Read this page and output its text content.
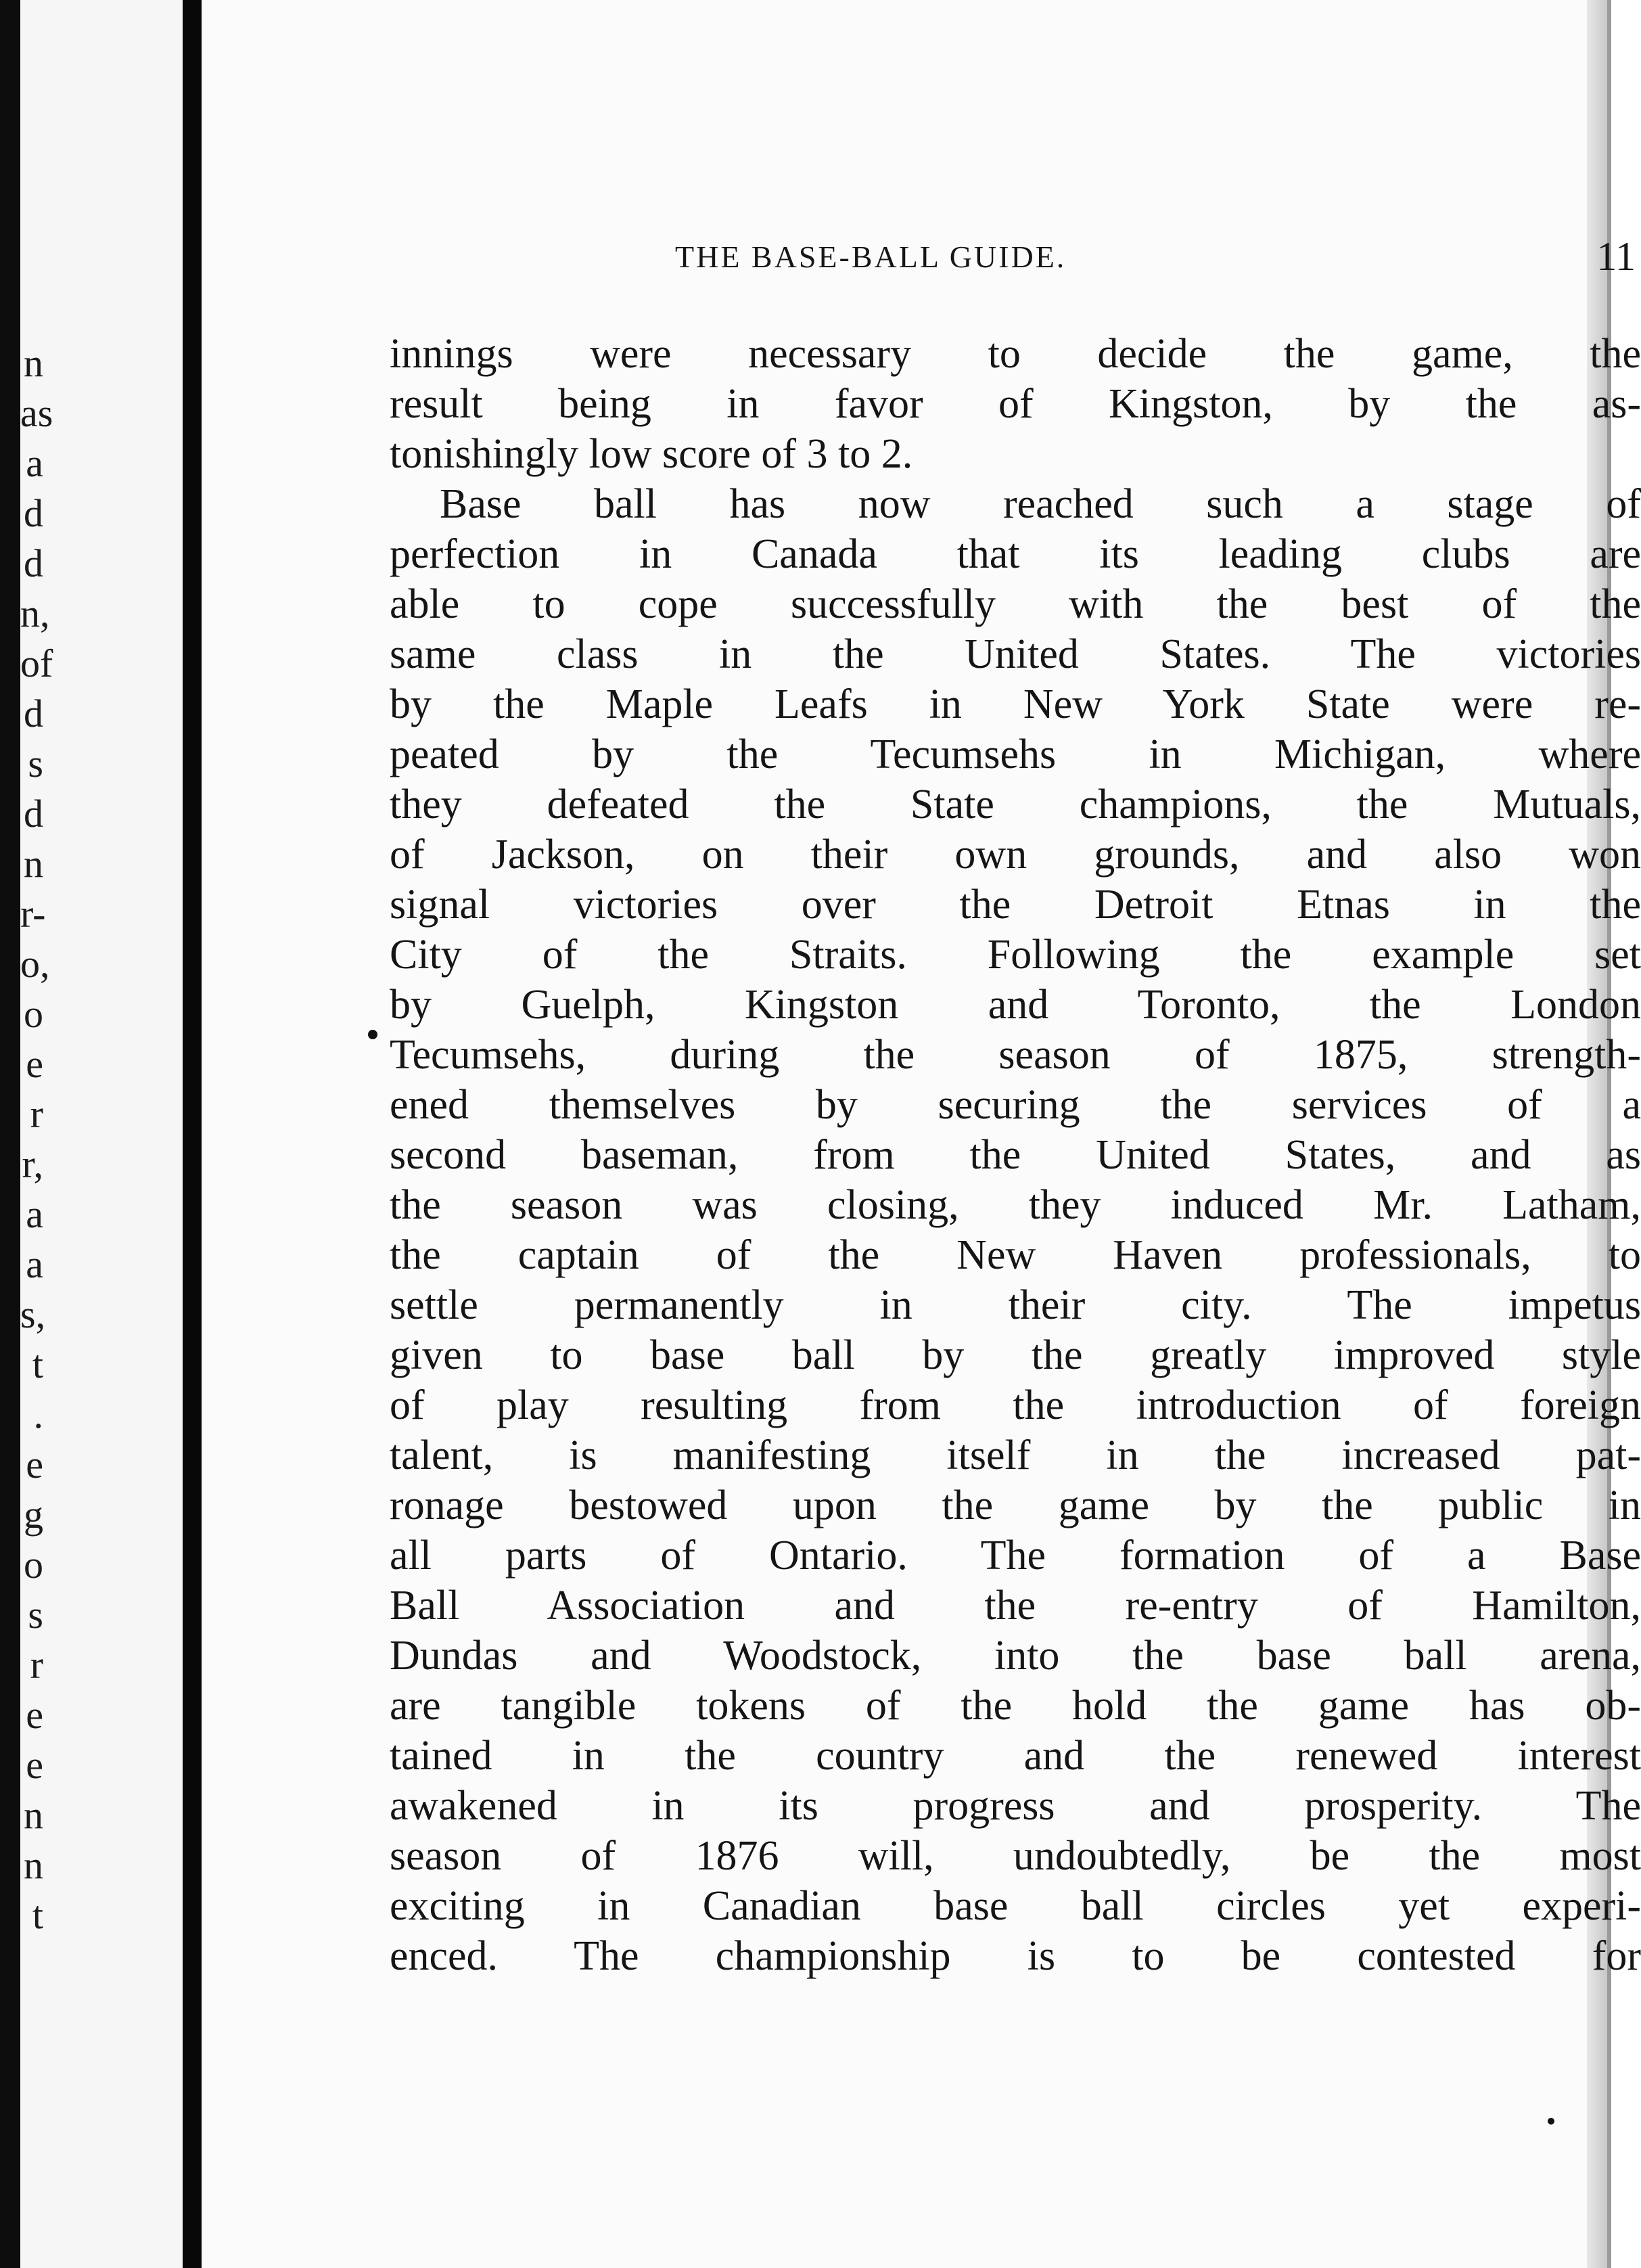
n
as
a
d
d
n,
of
d
s
d
n
r-
o,
o
e
r
r,
a
a
s,
t
.
e
g
o
s
r
e
e
n
n
t
THE BASE-BALL GUIDE.	11
innings were necessary to decide the game, the
result being in favor of Kingston, by the as-
tonishingly low score of 3 to 2.
Base ball has now reached such a stage of
perfection in Canada that its leading clubs are
able to cope successfully with the best of the
same class in the United States. The victories
by the Maple Leafs in New York State were re-
peated by the Tecumsehs in Michigan, where
they defeated the State champions, the Mutuals,
of Jackson, on their own grounds, and also won
signal victories over the Detroit Etnas in the
City of the Straits. Following the example set
by Guelph, Kingston and Toronto, the London
Tecumsehs, during the season of 1875, strength-
ened themselves by securing the services of a
second baseman, from the United States, and as
the season was closing, they induced Mr. Latham,
the captain of the New Haven professionals, to
settle permanently in their city. The impetus
given to base ball by the greatly improved style
of play resulting from the introduction of foreign
talent, is manifesting itself in the increased pat-
ronage bestowed upon the game by the public in
all parts of Ontario. The formation of a Base
Ball Association and the re-entry of Hamilton,
Dundas and Woodstock, into the base ball arena,
are tangible tokens of the hold the game has ob-
tained in the country and the renewed interest
awakened in its progress and prosperity. The
season of 1876 will, undoubtedly, be the most
exciting in Canadian base ball circles yet experi-
enced. The championship is to be contested for
